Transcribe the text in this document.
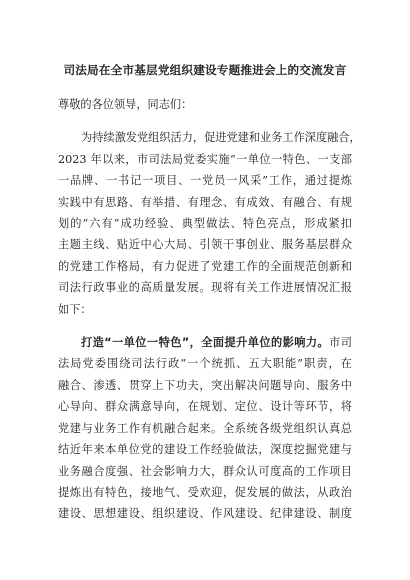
司法局在全市基层党组织建设专题推进会上的交流发言
尊敬的各位领导，同志们：
为持续激发党组织活力，促进党建和业务工作深度融合，
2023 年以来，市司法局党委实施“一单位一特色、一支部
一品牌、一书记一项目、一党员一风采”工作，通过提炼
实践中有思路、有举措、有理念、有成效、有融合、有规
划的“六有”成功经验、典型做法、特色亮点，形成紧扣
主题主线、贴近中心大局、引领干事创业、服务基层群众
的党建工作格局，有力促进了党建工作的全面规范创新和
司法行政事业的高质量发展。现将有关工作进展情况汇报
如下：
打造“一单位一特色”，全面提升单位的影响力。市司
法局党委围绕司法行政“一个统抓、五大职能”职责，在
融合、渗透、贯穿上下功夫，突出解决问题导向、服务中
心导向、群众满意导向，在规划、定位、设计等环节，将
党建与业务工作有机融合起来。全系统各级党组织认真总
结近年来本单位党的建设工作经验做法，深度挖掘党建与
业务融合度强、社会影响力大，群众认可度高的工作项目
提炼出有特色，接地气、受欢迎，促发展的做法，从政治
建设、思想建设、组织建设、作风建设、纪律建设、制度
